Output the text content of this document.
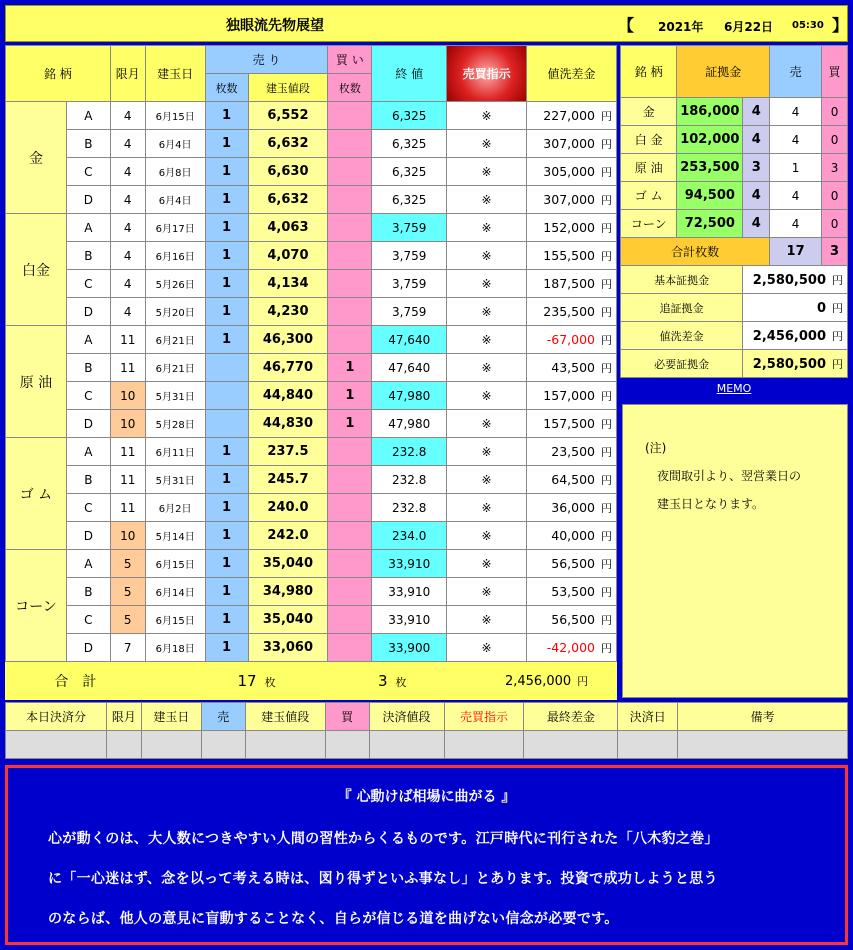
独眼流先物展望	【 2021年 6月22日 05:30 】
銘 柄		限月	建玉日	売 り		買 い	終 値	売買指示	値洗差金
				枚数	建玉値段	枚数			
金	A	4	6月15日	1	6,552		6,325	※	227,000 円
	B	4	6月4日	1	6,632		6,325	※	307,000 円
	C	4	6月8日	1	6,630		6,325	※	305,000 円
	D	4	6月4日	1	6,632		6,325	※	307,000 円
白金	A	4	6月17日	1	4,063		3,759	※	152,000 円
	B	4	6月16日	1	4,070		3,759	※	155,500 円
	C	4	5月26日	1	4,134		3,759	※	187,500 円
	D	4	5月20日	1	4,230		3,759	※	235,500 円
原 油	A	11	6月21日	1	46,300		47,640	※	-67,000 円
	B	11	6月21日		46,770	1	47,640	※	43,500 円
	C	10	5月31日		44,840	1	47,980	※	157,000 円
	D	10	5月28日		44,830	1	47,980	※	157,500 円
ゴ ム	A	11	6月11日	1	237.5		232.8	※	23,500 円
	B	11	5月31日	1	245.7		232.8	※	64,500 円
	C	11	6月2日	1	240.0		232.8	※	36,000 円
	D	10	5月14日	1	242.0		234.0	※	40,000 円
コーン	A	5	6月15日	1	35,040		33,910	※	56,500 円
	B	5	6月14日	1	34,980		33,910	※	53,500 円
	C	5	6月15日	1	35,040		33,910	※	56,500 円
	D	7	6月18日	1	33,060		33,900	※	-42,000 円
合　計			17 枚			3 枚		2,456,000 円	
銘 柄	証拠金		売	買
金	186,000	4	4	0
白 金	102,000	4	4	0
原 油	253,500	3	1	3
ゴ ム	94,500	4	4	0
コーン	72,500	4	4	0
合計枚数			17	3
基本証拠金		2,580,500 円		
追証拠金		0 円		
値洗差金		2,456,000 円		
必要証拠金		2,580,500 円		
MEMO
(注)
夜間取引より、翌営業日の
建玉日となります。
本日決済分	限月	建玉日	売	建玉値段	買	決済値段	売買指示	最終差金	決済日	備考

『 心動けば相場に曲がる 』
心が動くのは、大人数につきやすい人間の習性からくるものです。江戸時代に刊行された「八木豹之巻」
に「一心迷はず、念を以って考える時は、図り得ずといふ事なし」とあります。投資で成功しようと思う
のならば、他人の意見に盲動することなく、自らが信じる道を曲げない信念が必要です。
